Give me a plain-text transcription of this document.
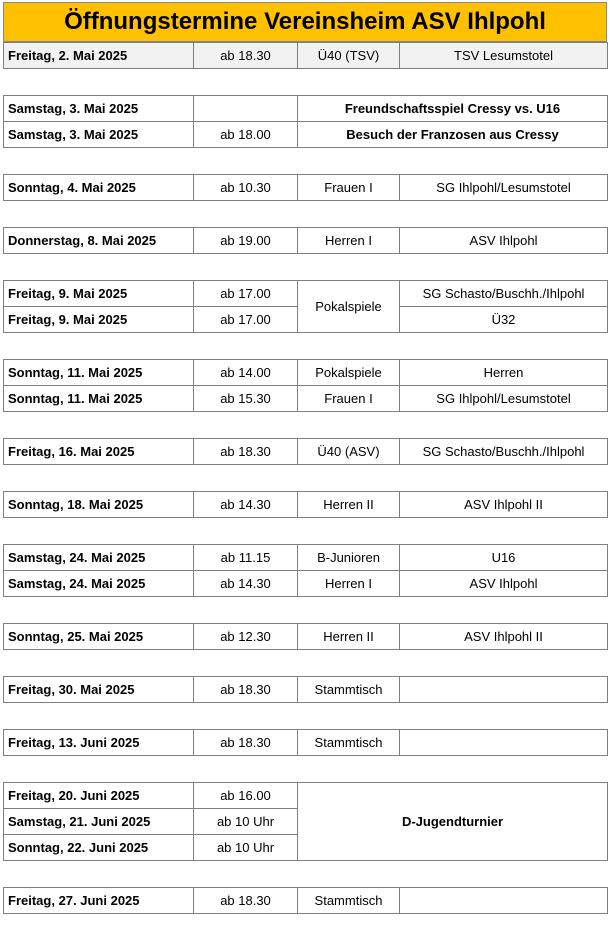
Öffnungstermine Vereinsheim ASV Ihlpohl
Freitag, 2. Mai 2025	ab 18.30	Ü40 (TSV)	TSV Lesumstotel

Samstag, 3. Mai 2025		Freundschaftsspiel Cressy vs. U16	
Samstag, 3. Mai 2025	ab 18.00	Besuch der Franzosen aus Cressy	

Sonntag, 4. Mai 2025	ab 10.30	Frauen I	SG Ihlpohl/Lesumstotel

Donnerstag, 8. Mai 2025	ab 19.00	Herren I	ASV Ihlpohl

Freitag, 9. Mai 2025	ab 17.00	Pokalspiele	SG Schasto/Buschh./Ihlpohl
Freitag, 9. Mai 2025	ab 17.00		Ü32

Sonntag, 11. Mai 2025	ab 14.00	Pokalspiele	Herren
Sonntag, 11. Mai 2025	ab 15.30	Frauen I	SG Ihlpohl/Lesumstotel

Freitag, 16. Mai 2025	ab 18.30	Ü40 (ASV)	SG Schasto/Buschh./Ihlpohl

Sonntag, 18. Mai 2025	ab 14.30	Herren II	ASV Ihlpohl II

Samstag, 24. Mai 2025	ab 11.15	B-Junioren	U16
Samstag, 24. Mai 2025	ab 14.30	Herren I	ASV Ihlpohl

Sonntag, 25. Mai 2025	ab 12.30	Herren II	ASV Ihlpohl II

Freitag, 30. Mai 2025	ab 18.30	Stammtisch	

Freitag, 13. Juni 2025	ab 18.30	Stammtisch	

Freitag, 20. Juni 2025	ab 16.00	D-Jugendturnier	
Samstag, 21. Juni 2025	ab 10 Uhr		
Sonntag, 22. Juni 2025	ab 10 Uhr		

Freitag, 27. Juni 2025	ab 18.30	Stammtisch	
